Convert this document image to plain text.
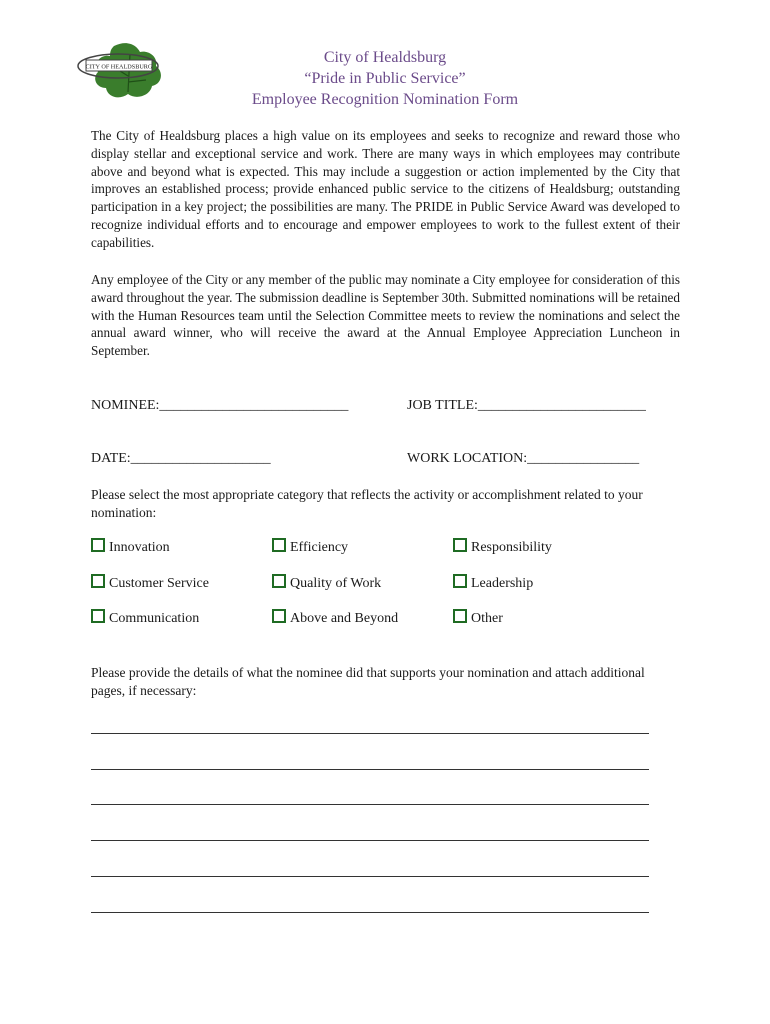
CITY OF HEALDSBURG
City of Healdsburg
“Pride in Public Service”
Employee Recognition Nomination Form

The City of Healdsburg places a high value on its employees and seeks to recognize and reward those who display stellar and exceptional service and work. There are many ways in which employees may contribute above and beyond what is expected. This may include a suggestion or action implemented by the City that improves an established process; provide enhanced public service to the citizens of Healdsburg; outstanding participation in a key project; the possibilities are many. The PRIDE in Public Service Award was developed to recognize individual efforts and to encourage and empower employees to work to the fullest extent of their capabilities.

Any employee of the City or any member of the public may nominate a City employee for consideration of this award throughout the year. The submission deadline is September 30th. Submitted nominations will be retained with the Human Resources team until the Selection Committee meets to review the nominations and select the annual award winner, who will receive the award at the Annual Employee Appreciation Luncheon in September.

NOMINEE:___________________________	JOB TITLE:________________________
DATE:____________________	WORK LOCATION:________________

Please select the most appropriate category that reflects the activity or accomplishment related to your nomination:

Innovation	Efficiency	Responsibility
Customer Service	Quality of Work	Leadership
Communication	Above and Beyond	Other

Please provide the details of what the nominee did that supports your nomination and attach additional pages, if necessary:
